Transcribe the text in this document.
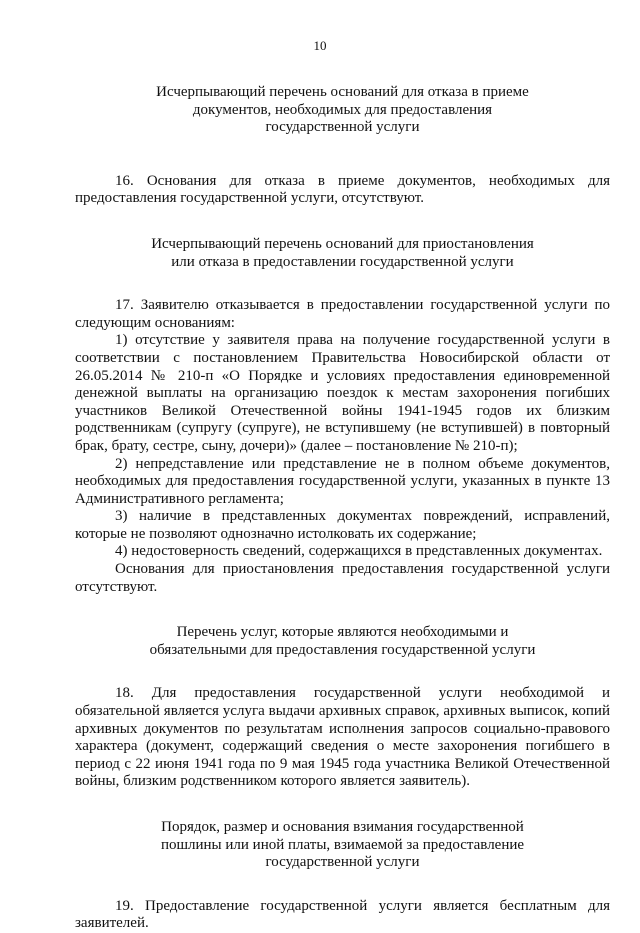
10
Исчерпывающий перечень оснований для отказа в приеме
документов, необходимых для предоставления
государственной услуги

16. Основания для отказа в приеме документов, необходимых для предоставления государственной услуги, отсутствуют.

Исчерпывающий перечень оснований для приостановления
или отказа в предоставлении государственной услуги

17. Заявителю отказывается в предоставлении государственной услуги по следующим основаниям:

1) отсутствие у заявителя права на получение государственной услуги в соответствии с постановлением Правительства Новосибирской области от 26.05.2014 № 210-п «О Порядке и условиях предоставления единовременной денежной выплаты на организацию поездок к местам захоронения погибших участников Великой Отечественной войны 1941-1945 годов их близким родственникам (супругу (супруге), не вступившему (не вступившей) в повторный брак, брату, сестре, сыну, дочери)» (далее – постановление № 210-п);

2) непредставление или представление не в полном объеме документов, необходимых для предоставления государственной услуги, указанных в пункте 13 Административного регламента;

3) наличие в представленных документах повреждений, исправлений, которые не позволяют однозначно истолковать их содержание;

4) недостоверность сведений, содержащихся в представленных документах.

Основания для приостановления предоставления государственной услуги отсутствуют.

Перечень услуг, которые являются необходимыми и
обязательными для предоставления государственной услуги

18. Для предоставления государственной услуги необходимой и обязательной является услуга выдачи архивных справок, архивных выписок, копий архивных документов по результатам исполнения запросов социально-правового характера (документ, содержащий сведения о месте захоронения погибшего в период с 22 июня 1941 года по 9 мая 1945 года участника Великой Отечественной войны, близким родственником которого является заявитель).

Порядок, размер и основания взимания государственной
пошлины или иной платы, взимаемой за предоставление
государственной услуги

19. Предоставление государственной услуги является бесплатным для заявителей.
